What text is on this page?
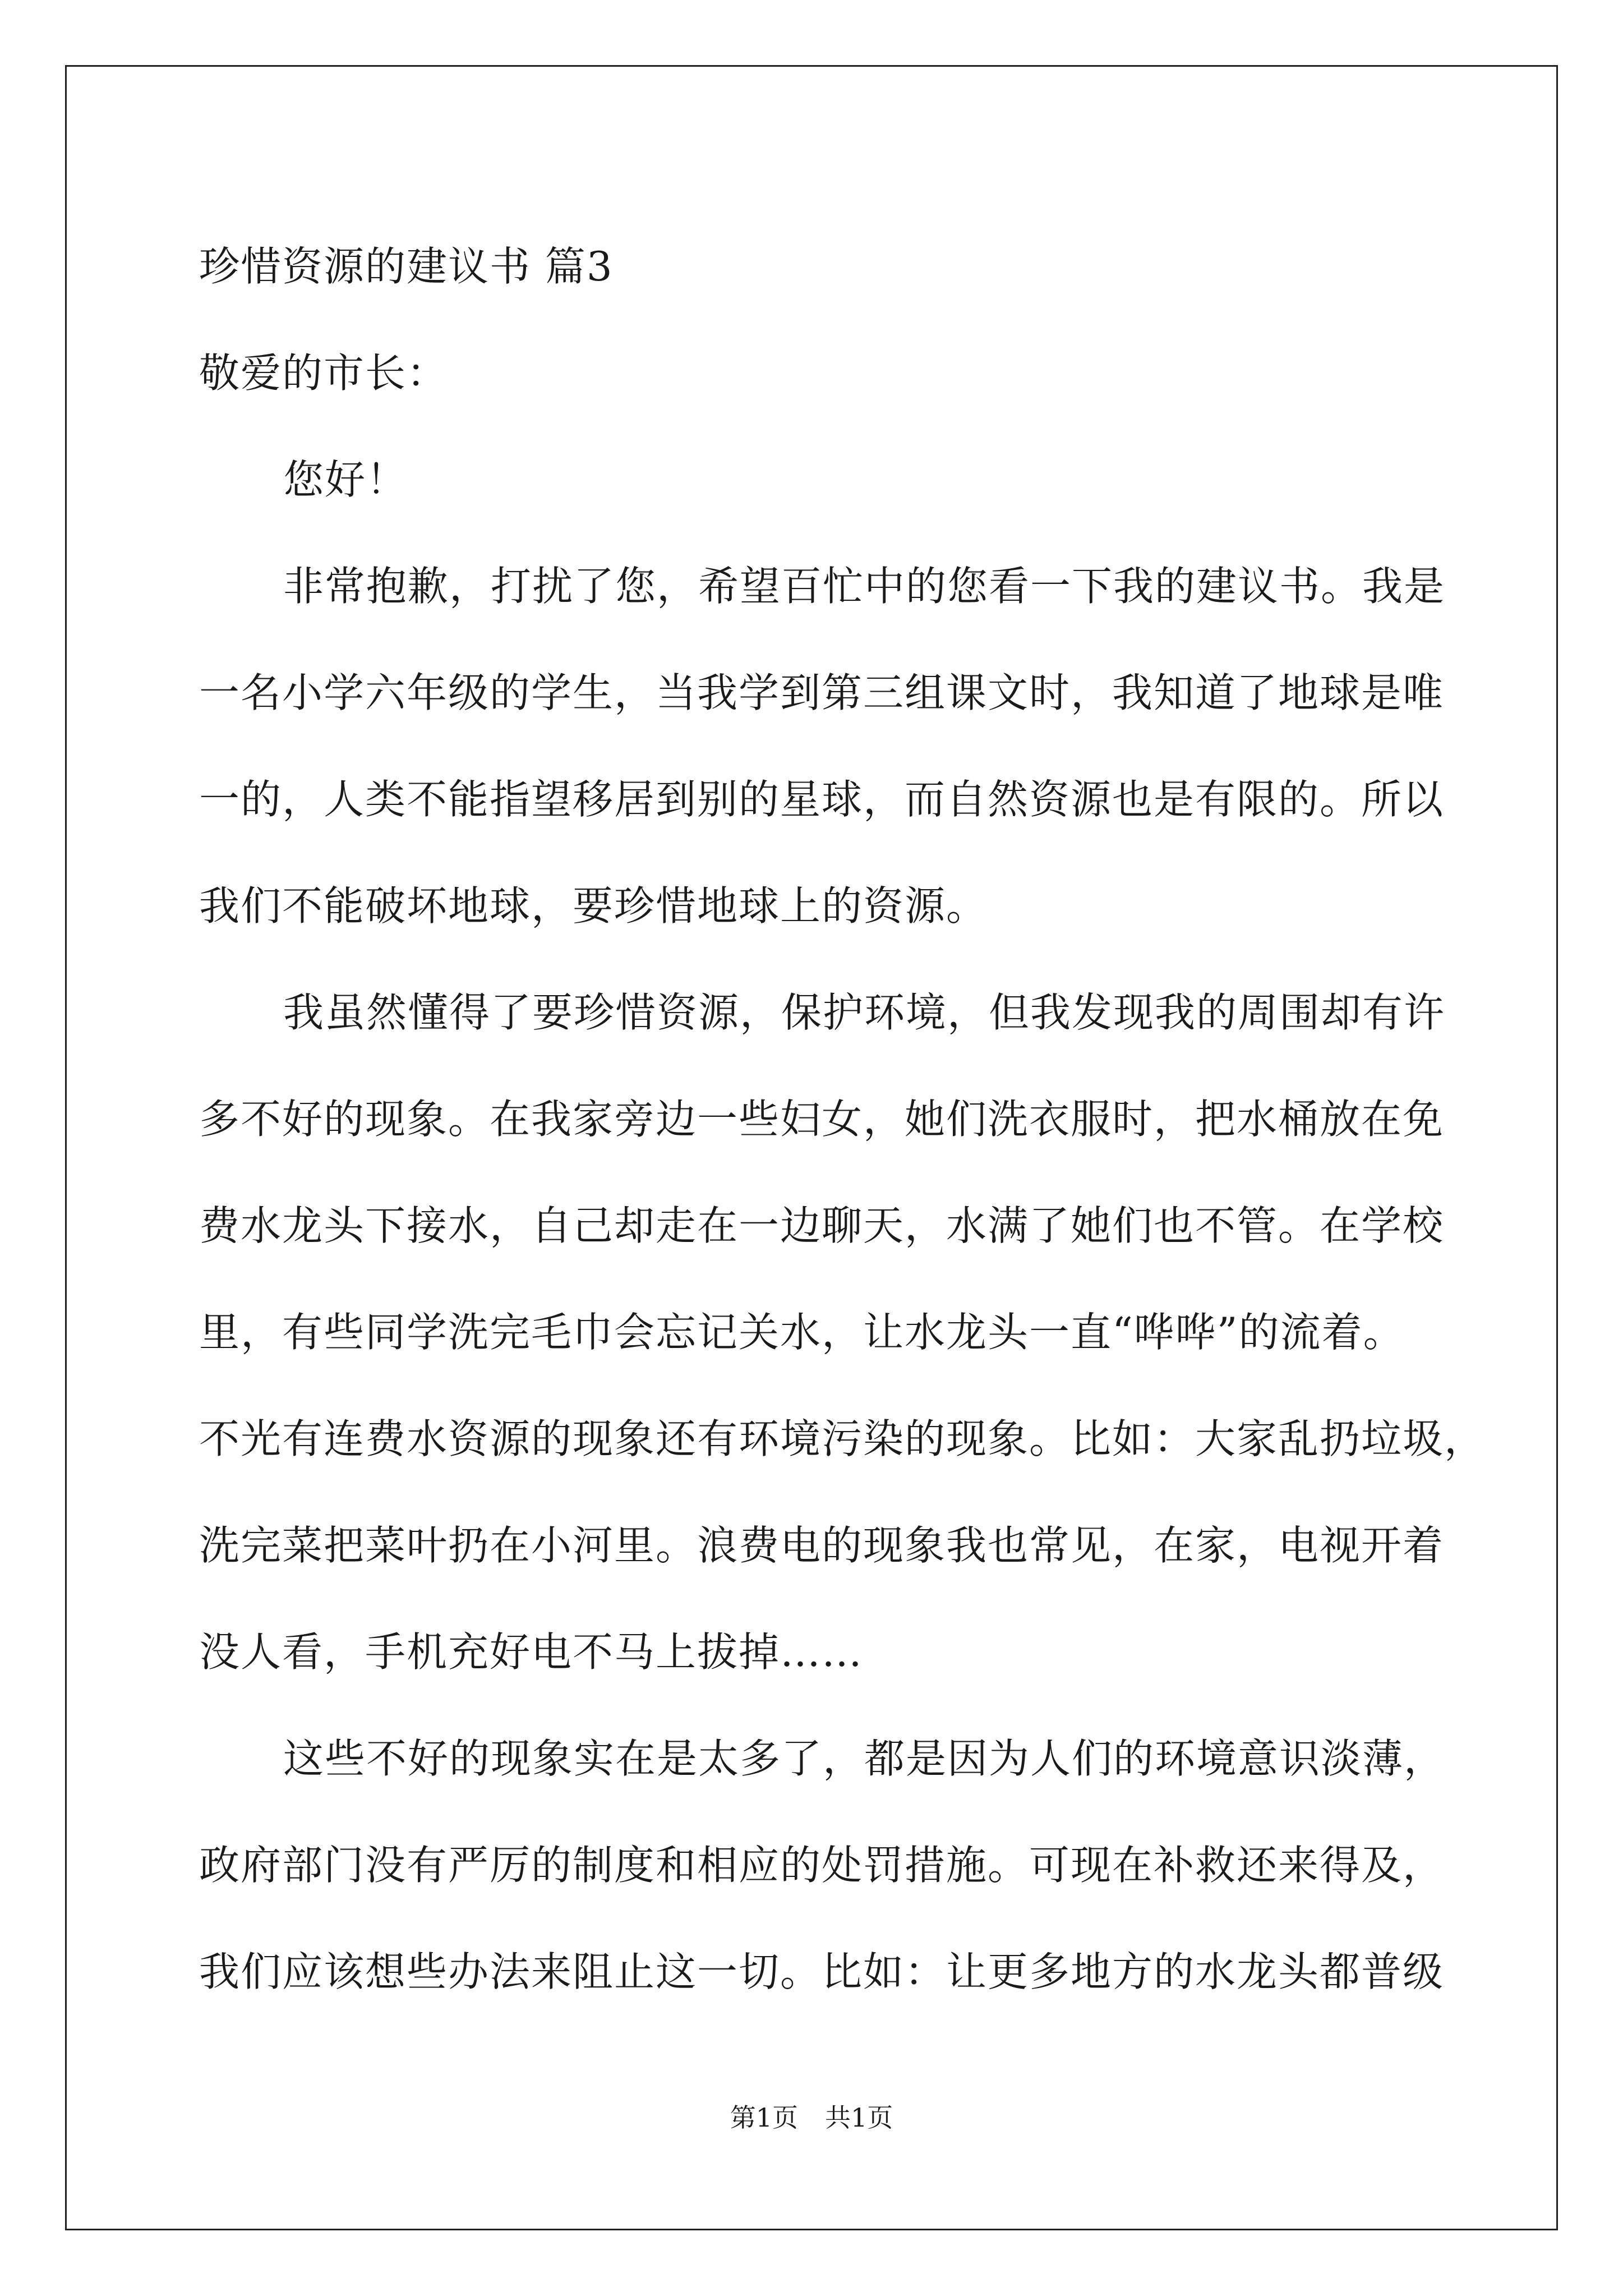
珍惜资源的建议书 篇3
敬爱的市长：
您好！
非常抱歉，打扰了您，希望百忙中的您看一下我的建议书。我是
一名小学六年级的学生，当我学到第三组课文时，我知道了地球是唯
一的，人类不能指望移居到别的星球，而自然资源也是有限的。所以
我们不能破坏地球，要珍惜地球上的资源。
我虽然懂得了要珍惜资源，保护环境，但我发现我的周围却有许
多不好的现象。在我家旁边一些妇女，她们洗衣服时，把水桶放在免
费水龙头下接水，自己却走在一边聊天，水满了她们也不管。在学校
里，有些同学洗完毛巾会忘记关水，让水龙头一直“哗哗”的流着。
不光有连费水资源的现象还有环境污染的现象。比如：大家乱扔垃圾，
洗完菜把菜叶扔在小河里。浪费电的现象我也常见，在家，电视开着
没人看，手机充好电不马上拔掉……
这些不好的现象实在是太多了，都是因为人们的环境意识淡薄，
政府部门没有严厉的制度和相应的处罚措施。可现在补救还来得及，
我们应该想些办法来阻止这一切。比如：让更多地方的水龙头都普级
第1页 共1页
